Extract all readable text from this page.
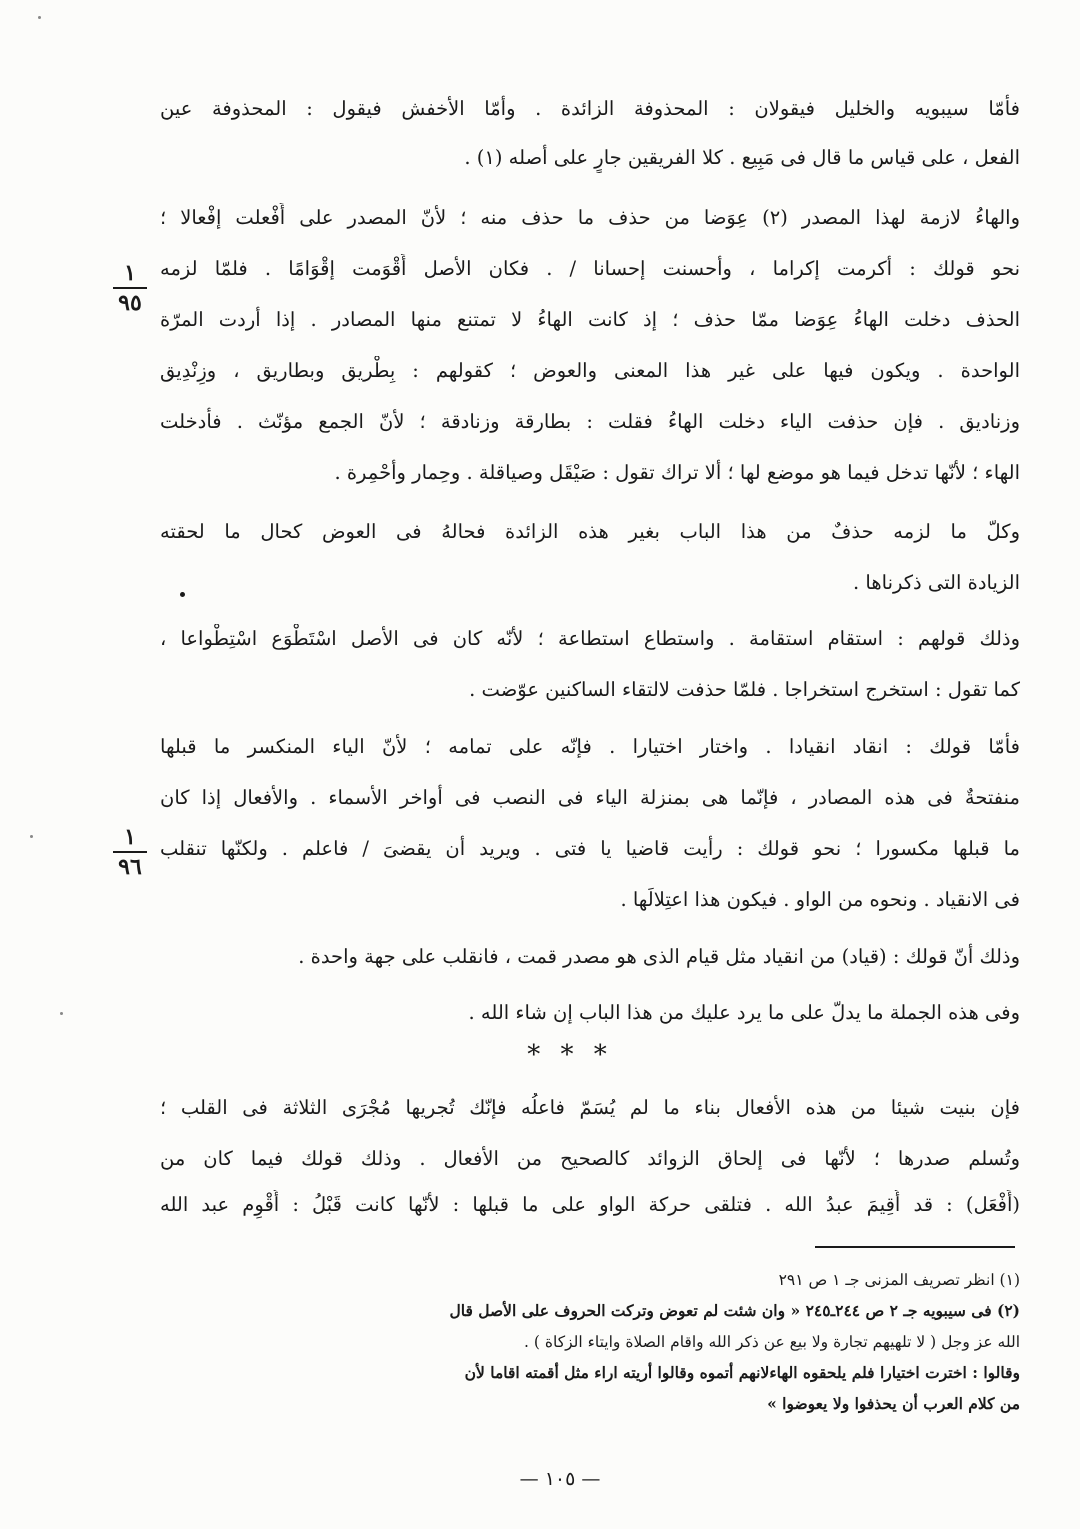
فأمّا سيبويه والخليل فيقولان : المحذوفة الزائدة . وأمّا الأخفش فيقول : المحذوفة عين
الفعل ، على قياس ما قال فى مَبِيع . كلا الفريقين جارٍ على أصله (١) .
والهاءُ لازمة لهذا المصدر (٢) عِوَضا من حذف ما حذف منه ؛ لأنّ المصدر على أَفْعلت إفْعالا ؛
نحو قولك : أكرمت إكراما ، وأحسنت إحسانا / . فكان الأصل أَقْوَمت إقْوَامًا . فلمّا لزمه
الحذف دخلت الهاءُ عِوَضا ممّا حذف ؛ إذ كانت الهاءُ لا تمتنع منها المصادر . إذا أردت المرّة
الواحدة . ويكون فيها على غير هذا المعنى والعوض ؛ كقولهم : بِطْريق وبطاريق ، وزِنْدِيق
وزناديق . فإن حذفت الياء دخلت الهاءُ فقلت : بطارقة وزنادقة ؛ لأنّ الجمع مؤنّث . فأَدخلت
الهاء ؛ لأنّها تدخل فيما هو موضع لها ؛ ألا تراك تقول : صَيْقَل وصياقلة . وحِمار وأحْمِرة .
وكلّ ما لزمه حذفٌ من هذا الباب بغير هذه الزائدة فحالهُ فى العوض كحال ما لحقته
الزيادة التى ذكرناها .
وذلك قولهم : استقام استقامة . واستطاع استطاعة ؛ لأنّه كان فى الأصل اسْتَطْوَع اسْتِطْواعا ،
كما تقول : استخرج استخراجا . فلمّا حذفت لالتقاء الساكنين عوّضت .
فأمّا قولك : انقاد انقيادا . واختار اختيارا . فإنّه على تمامه ؛ لأنّ الياء المنكسر ما قبلها
منفتحةٌ فى هذه المصادر ، فإنّما هى بمنزلة الياء فى النصب فى أواخر الأسماء . والأفعال إذا كان
ما قبلها مكسورا ؛ نحو قولك : رأيت قاضيا يا فتى . ويريد أن يقضىَ / فاعلم . ولكنّها تنقلب
فى الانقياد . ونحوه من الواو . فيكون هذا اعتِلالَها .
وذلك أنّ قولك : (قياد) من انقياد مثل قيام الذى هو مصدر قمت ، فانقلب على جهة واحدة .
وفى هذه الجملة ما يدلّ على ما يرد عليك من هذا الباب إن شاء الله .
فإن بنيت شيئا من هذه الأفعال بناء ما لم يُسَمّ فاعلُه فإنّك تُجريها مُجْرَى الثلاثة فى القلب ؛
وتُسلم صدرها ؛ لأنّها فى إلحاق الزوائد كالصحيح من الأفعال . وذلك قولك فيما كان من
(أَفْعَل) : قد أُقِيمَ عبدُ الله . فتلقى حركة الواو على ما قبلها : لأنّها كانت قَبْلُ : أُقْوِم عبد الله
* * *
١
٩٥
١
٩٦
(١) انظر تصريف المزنى جـ ١ ص ٢٩١
(٢) فى سيبويه جـ ٢ ص ٢٤٤ـ٢٤٥ « وان شئت لم تعوض وتركت الحروف على الأصل قال
الله عز وجل ( لا تلهيهم تجارة ولا بيع عن ذكر الله واقام الصلاة وايتاء الزكاة ) .
وقالوا : اخترت اختيارا فلم يلحقوه الهاءلانهم أتموه وقالوا أريته اراء مثل أقمته اقاما لأن
من كلام العرب أن يحذفوا ولا يعوضوا »
— ١٠٥ —
